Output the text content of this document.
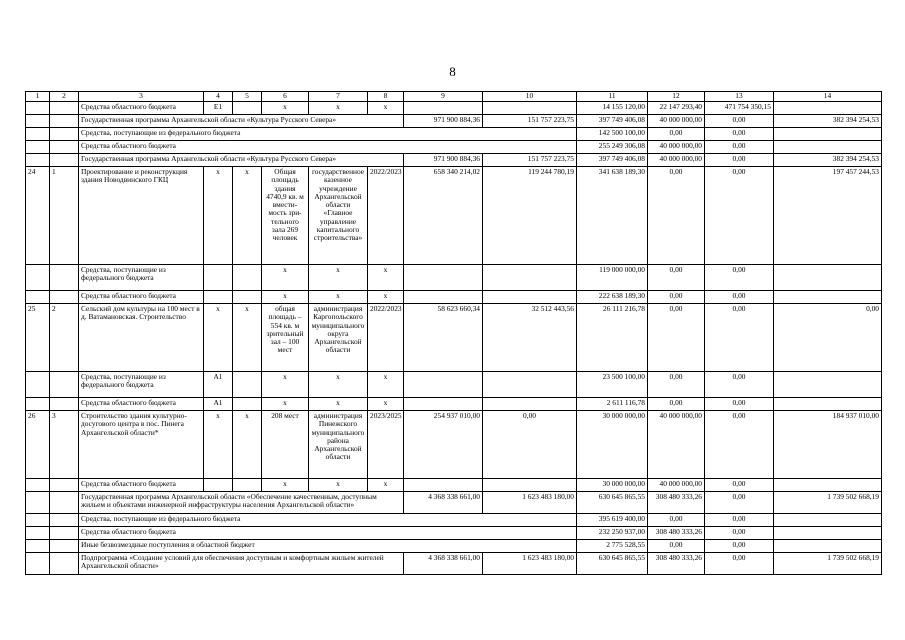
8
1	2	3	4	5	6	7	8	9	10	11	12	13	14
		Средства областного бюджета	Е1		х	х	х			14 155 120,00	22 147 293,40	471 754 350,15	
		Государственная программа Архангельской области «Культура Русского Севера»						971 900 884,36	151 757 223,75	397 749 406,08	40 000 000,00	0,00	382 394 254,53
		Средства, поступающие из федерального бюджета								142 500 100,00	0,00	0,00	
		Средства областного бюджета								255 249 306,08	40 000 000,00	0,00	
		Государственная программа Архангельской области «Культура Русского Севера»						971 900 884,36	151 757 223,75	397 749 406,08	40 000 000,00	0,00	382 394 254,53
24	1	Проектирование и реконструкция здания Новодвинского ГКЦ	х	х	Общая площадь здания 4740,9 кв. м вмести-мость зри-тельного зала 269 человек	государственное казенное учреждение Архангельской области «Главное управление капитального строительства»	2022/2023	658 340 214,02	119 244 780,19	341 638 189,30	0,00	0,00	197 457 244,53
		Средства, поступающие из федерального бюджета			х	х	х			119 000 000,00	0,00	0,00	
		Средства областного бюджета			х	х	х			222 638 189,30	0,00	0,00	
25	2	Сельский дом культуры на 100 мест в д. Ватамановская. Строительство	х	х	общая площадь – 554 кв. м зрительный зал – 100 мест	администрация Каргопольского муниципального округа Архангельской области	2022/2023	58 623 660,34	32 512 443,56	26 111 216,78	0,00	0,00	0,00
		Средства, поступающие из федерального бюджета	А1		х	х	х			23 500 100,00	0,00	0,00	
		Средства областного бюджета	А1		х	х	х			2 611 116,78	0,00	0,00	
26	3	Строительство здания культурно-досугового центра в пос. Пинега Архангельской области*	х	х	208 мест	администрация Пинежского муниципального района Архангельской области	2023/2025	254 937 010,00	0,00	30 000 000,00	40 000 000,00	0,00	184 937 010,00
		Средства областного бюджета			х	х	х			30 000 000,00	40 000 000,00	0,00	
		Государственная программа Архангельской области «Обеспечение качественным, доступным жильем и объектами инженерной инфраструктуры населения Архангельской области»						4 368 338 661,00	1 623 483 180,00	630 645 865,55	308 480 333,26	0,00	1 739 502 668,19
		Средства, поступающие из федерального бюджета								395 619 400,00	0,00	0,00	
		Средства областного бюджета								232 250 937,00	308 480 333,26	0,00	
		Иные безвозмездные поступления в областной бюджет								2 775 528,55	0,00	0,00	
		Подпрограмма «Создание условий для обеспечения доступным и комфортным жильем жителей Архангельской области»						4 368 338 661,00	1 623 483 180,00	630 645 865,55	308 480 333,26	0,00	1 739 502 668,19
